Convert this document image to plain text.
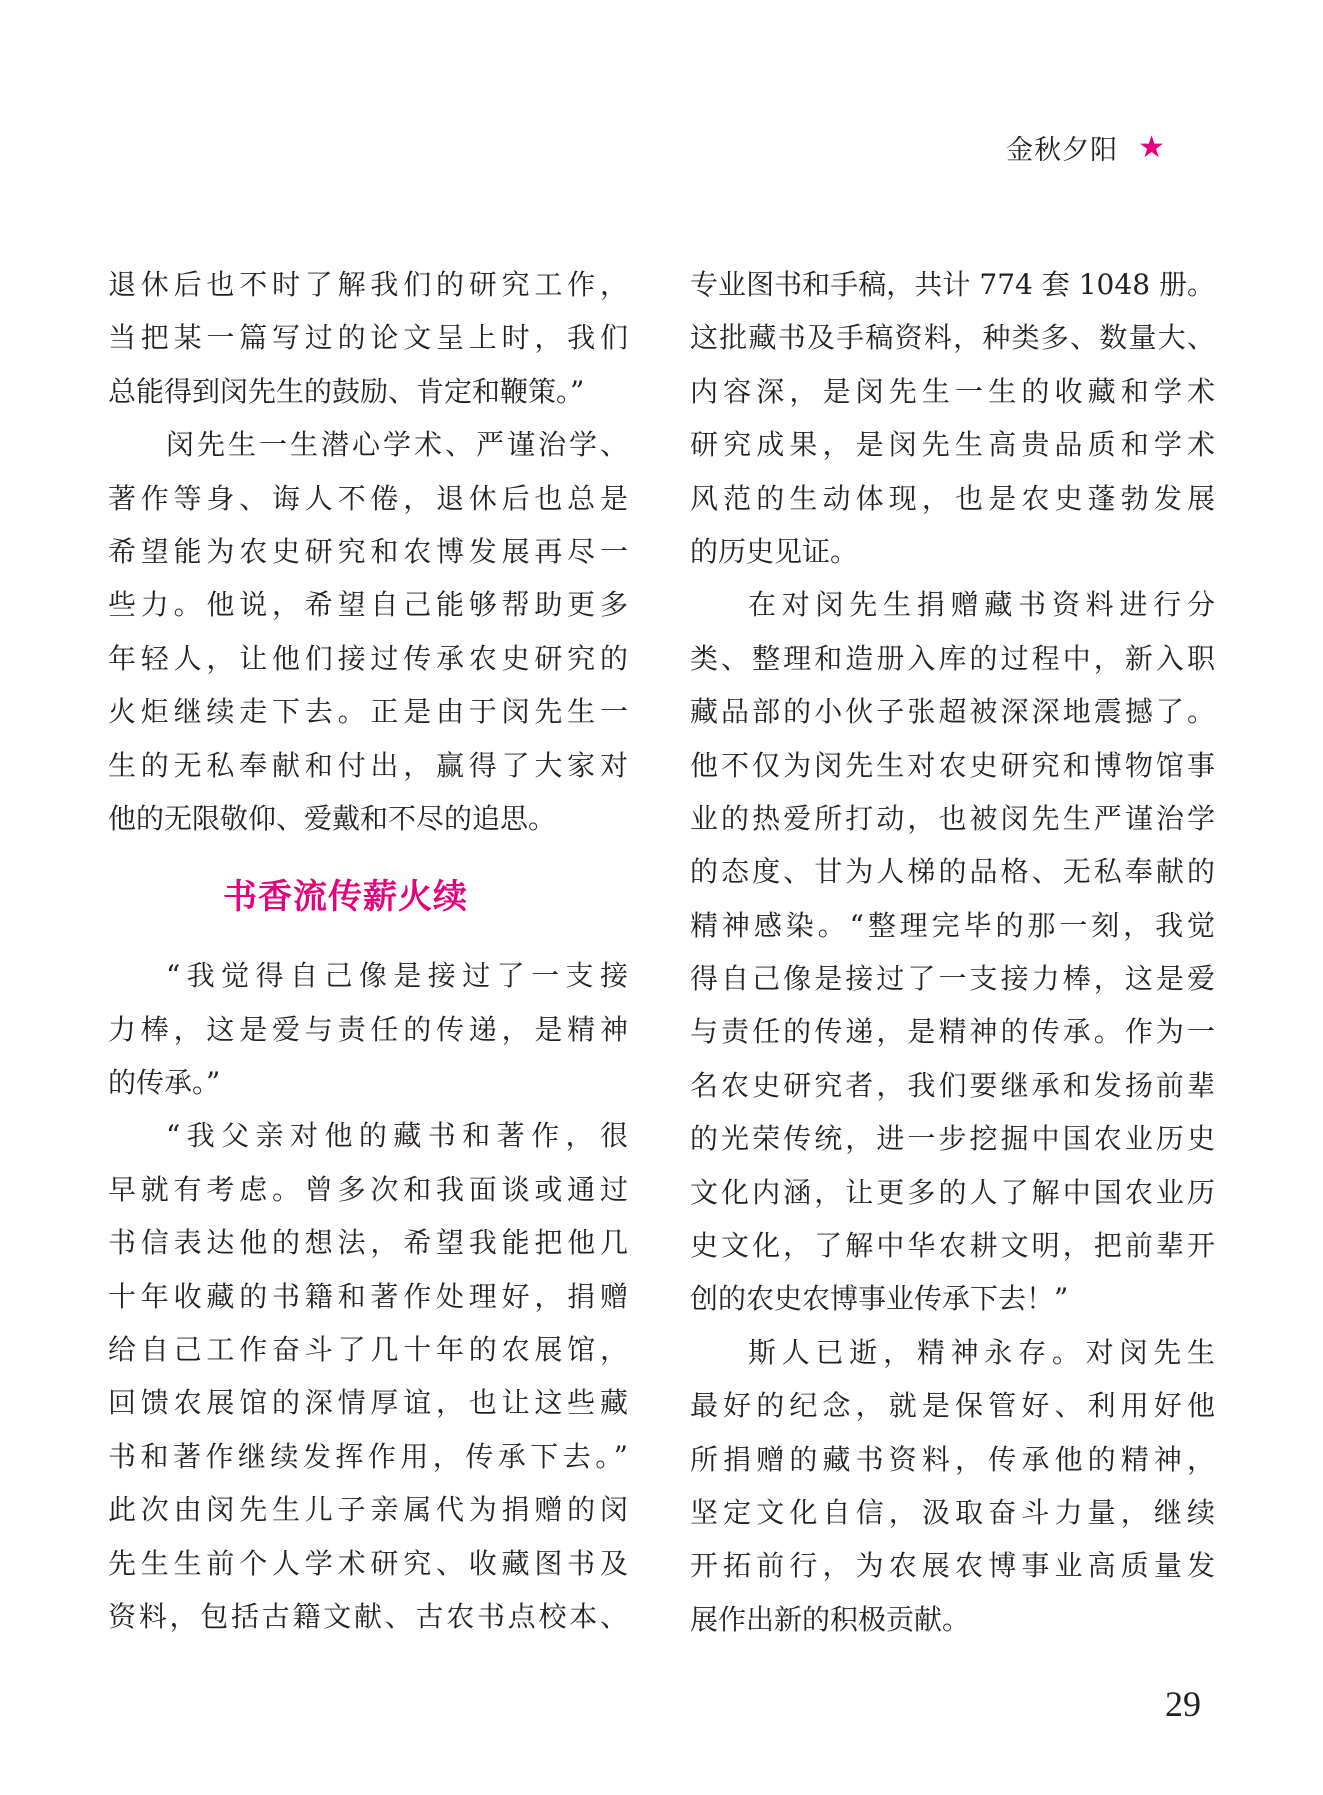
金秋夕阳 ★
退休后也不时了解我们的研究工作，
当把某一篇写过的论文呈上时，我们
总能得到闵先生的鼓励、肯定和鞭策。”
闵先生一生潜心学术、严谨治学、
著作等身、诲人不倦，退休后也总是
希望能为农史研究和农博发展再尽一
些力。他说，希望自己能够帮助更多
年轻人，让他们接过传承农史研究的
火炬继续走下去。正是由于闵先生一
生的无私奉献和付出，赢得了大家对
他的无限敬仰、爱戴和不尽的追思。
书香流传薪火续
“我觉得自己像是接过了一支接
力棒，这是爱与责任的传递，是精神
的传承。”
“我父亲对他的藏书和著作，很
早就有考虑。曾多次和我面谈或通过
书信表达他的想法，希望我能把他几
十年收藏的书籍和著作处理好，捐赠
给自己工作奋斗了几十年的农展馆，
回馈农展馆的深情厚谊，也让这些藏
书和著作继续发挥作用，传承下去。”
此次由闵先生儿子亲属代为捐赠的闵
先生生前个人学术研究、收藏图书及
资料，包括古籍文献、古农书点校本、
专业图书和手稿，共计 774 套 1048 册。
这批藏书及手稿资料，种类多、数量大、
内容深，是闵先生一生的收藏和学术
研究成果，是闵先生高贵品质和学术
风范的生动体现，也是农史蓬勃发展
的历史见证。
在对闵先生捐赠藏书资料进行分
类、整理和造册入库的过程中，新入职
藏品部的小伙子张超被深深地震撼了。
他不仅为闵先生对农史研究和博物馆事
业的热爱所打动，也被闵先生严谨治学
的态度、甘为人梯的品格、无私奉献的
精神感染。“整理完毕的那一刻，我觉
得自己像是接过了一支接力棒，这是爱
与责任的传递，是精神的传承。作为一
名农史研究者，我们要继承和发扬前辈
的光荣传统，进一步挖掘中国农业历史
文化内涵，让更多的人了解中国农业历
史文化，了解中华农耕文明，把前辈开
创的农史农博事业传承下去！”
斯人已逝，精神永存。对闵先生
最好的纪念，就是保管好、利用好他
所捐赠的藏书资料，传承他的精神，
坚定文化自信，汲取奋斗力量，继续
开拓前行，为农展农博事业高质量发
展作出新的积极贡献。
29
